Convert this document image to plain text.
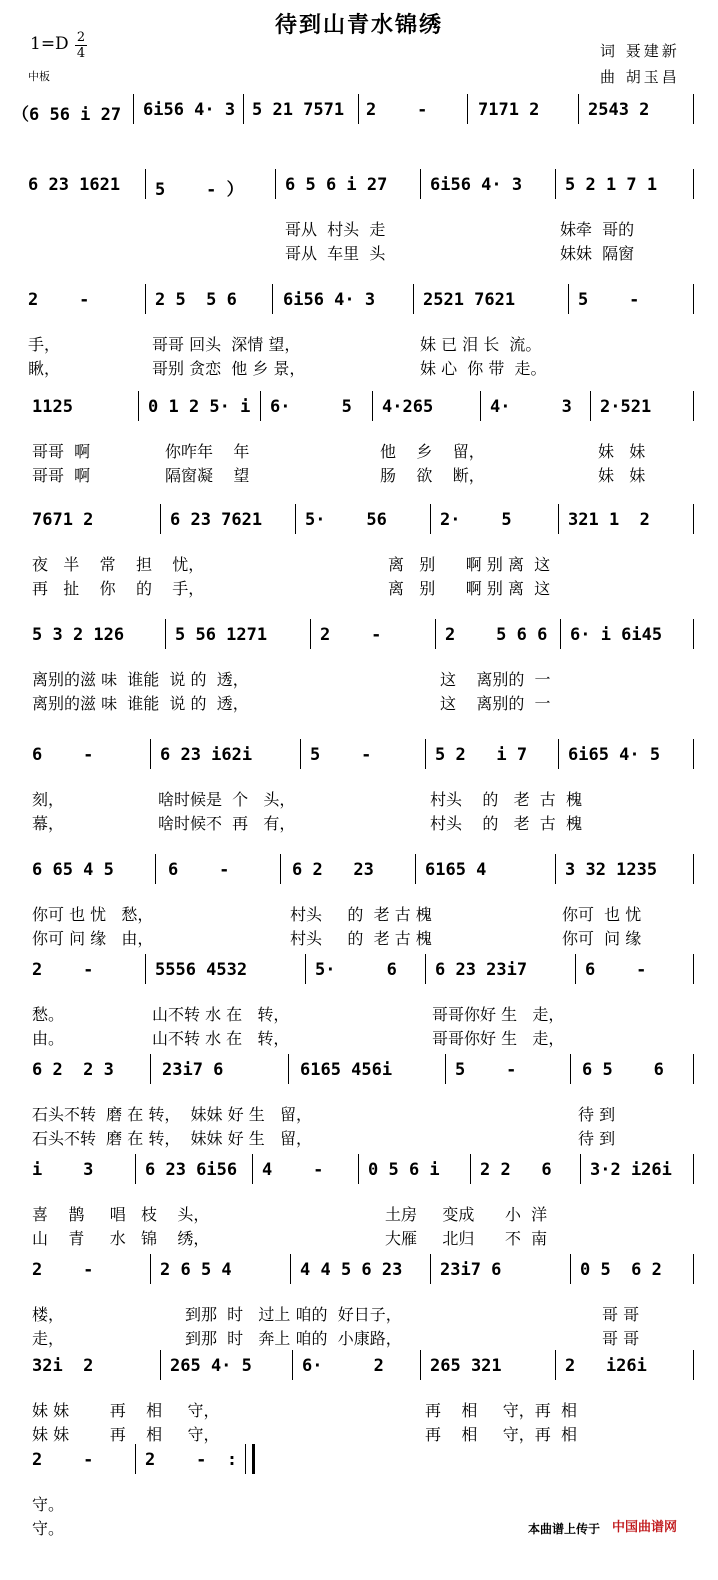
待到山青水锦绣
$1=D \frac{2}{4}$
中板
词 聂建新
曲 胡玉昌
（6 56 i 27 6i56 4· 3 5 21 7571 2    -	7171 2	2543 2
6 23 1621 5    - ） 6 5 6 i 27	6i56 4· 3	5 2 1 7 1
哥从  村头  走	妹牵  哥的
哥从  车里  头	妹妹  隔窗
2    -	2 5  5 6	6i56 4· 3	2521 7621	5    -
手，	哥哥 回头  深情 望，	妹 已 泪 长  流。
瞅，	哥别 贪恋  他 乡 景，	妹 心  你 带  走。
1125	0 1 2 5· i 6·     5 4·265	4·     3 2·521
哥哥  啊	你咋年    年	他    乡    留，	妹   妹
哥哥  啊	隔窗凝    望	肠    欲    断，	妹   妹
7671 2	6 23 7621	5·    56	2·    5	321 1  2
夜   半    常    担    忧，	离   别      啊 别 离  这
再   扯    你    的    手，	离   别      啊 别 离  这
5 3 2 126	5 56 1271	2    -	2    5 6 6 6· i 6i45
离别的滋 味  谁能  说 的  透，	这    离别的  一
离别的滋 味  谁能  说 的  透，	这    离别的  一
6    -	6 23 i62i	5    -	5 2   i 7 6i65 4· 5
刻，	啥时候是  个   头，	村头    的   老  古  槐
幕，	啥时候不  再   有，	村头    的   老  古  槐
6 65 4 5	6    -	6 2   23	6165 4	3 32 1235
你可 也 忧   愁，	村头     的  老 古 槐	你可  也 忧
你可 问 缘   由，	村头     的  老 古 槐	你可  问 缘
2    -	5556 4532	5·     6 6 23 23i7	6    -
愁。	山不转 水 在   转，	哥哥你好 生   走，
由。	山不转 水 在   转，	哥哥你好 生   走，
6 2  2 3	23i7 6	6165 456i	5    -	6 5    6
石头不转  磨 在 转，  妹妹 好 生   留，	待 到
石头不转  磨 在 转，  妹妹 好 生   留，	待 到
i    3	6 23 6i56 4    -	0 5 6 i 2 2   6 3·2 i26i
喜    鹊     唱   枝    头，	土房     变成      小  洋
山    青     水   锦    绣，	大雁     北归      不  南
2    -	2 6 5 4	4 4 5 6 23 23i7 6	0 5  6 2
楼，	到那  时   过上 咱的  好日子，	哥 哥
走，	到那  时   奔上 咱的  小康路，	哥 哥
32i  2	265 4· 5	6·     2	265 321	2   i26i
妹 妹        再    相     守，	再    相     守，再  相
妹 妹        再    相     守，	再    相     守，再  相
2    -	2    -  :
守。
守。	本曲谱上传于 中国曲谱网
